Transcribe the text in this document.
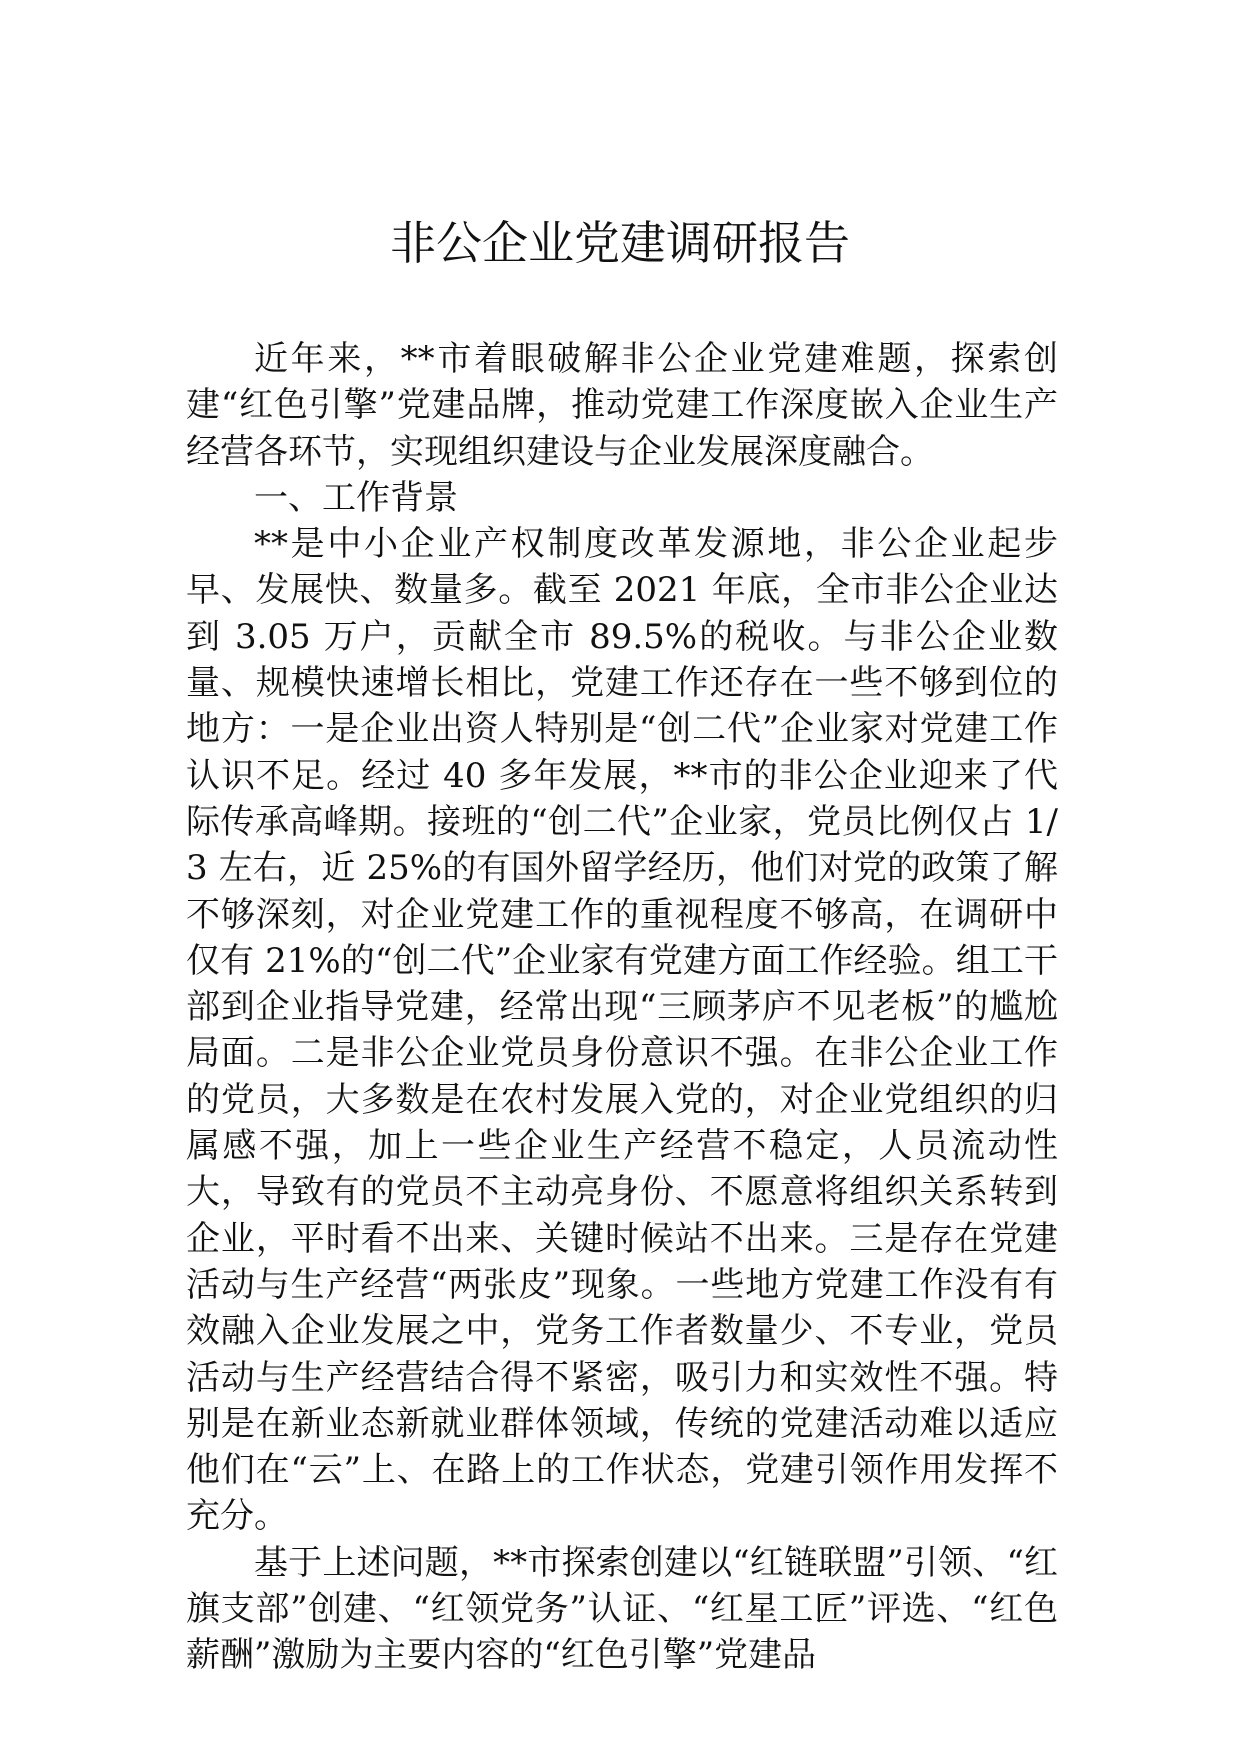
非公企业党建调研报告

近年来，**市着眼破解非公企业党建难题，探索创建“红色引擎”党建品牌，推动党建工作深度嵌入企业生产经营各环节，实现组织建设与企业发展深度融合。

一、工作背景

**是中小企业产权制度改革发源地，非公企业起步早、发展快、数量多。截至 2021 年底，全市非公企业达到 3.05 万户，贡献全市 89.5%的税收。与非公企业数量、规模快速增长相比，党建工作还存在一些不够到位的地方：一是企业出资人特别是“创二代”企业家对党建工作认识不足。经过 40 多年发展，**市的非公企业迎来了代际传承高峰期。接班的“创二代”企业家，党员比例仅占 1/3 左右，近 25%的有国外留学经历，他们对党的政策了解不够深刻，对企业党建工作的重视程度不够高，在调研中仅有 21%的“创二代”企业家有党建方面工作经验。组工干部到企业指导党建，经常出现“三顾茅庐不见老板”的尴尬局面。二是非公企业党员身份意识不强。在非公企业工作的党员，大多数是在农村发展入党的，对企业党组织的归属感不强，加上一些企业生产经营不稳定，人员流动性大，导致有的党员不主动亮身份、不愿意将组织关系转到企业，平时看不出来、关键时候站不出来。三是存在党建活动与生产经营“两张皮”现象。一些地方党建工作没有有效融入企业发展之中，党务工作者数量少、不专业，党员活动与生产经营结合得不紧密，吸引力和实效性不强。特别是在新业态新就业群体领域，传统的党建活动难以适应他们在“云”上、在路上的工作状态，党建引领作用发挥不充分。

基于上述问题，**市探索创建以“红链联盟”引领、“红旗支部”创建、“红领党务”认证、“红星工匠”评选、“红色薪酬”激励为主要内容的“红色引擎”党建品
